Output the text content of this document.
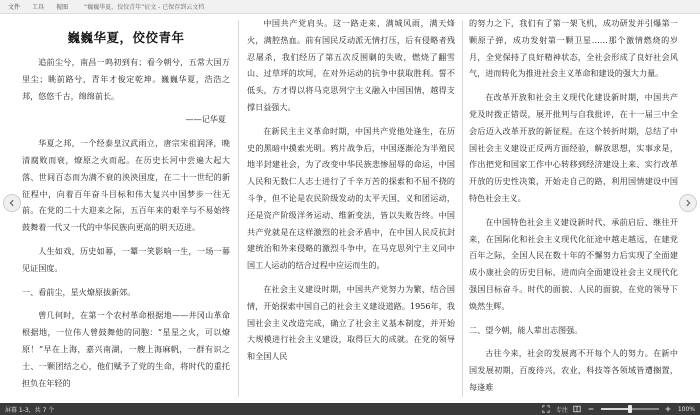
文件	工具	视图	“巍巍华夏，佼佼青年”征文 - 已保存到云文档
巍巍华夏，佼佼青年

追前尘兮，南昌一鸣初到有；看今朝兮，五常大国万里尘；眺前路兮，青年才俊定乾坤。巍巍华夏，浩浩之邦，悠悠千古，绵绵前长。

——记华夏

华夏之邦，一个经泰皇汉武雨立，唐宗宋祖润泽，晚清腐败而衰，燎原之火而起。在历史长河中尝遍大起大落、世间百态而为满不衰的泱泱国度，在二十一世纪的新征程中，向着百年奋斗目标和伟大复兴中国梦步一往无前。在党的二十大迎来之际，五百年来的艰辛与不易始终鼓舞着一代又一代的中华民族向更高的明天迈进。

人生如戏，历史如幕，一颦一笑影响一生，一场一幕见证国度。

一、看前尘，星火燎原拔新郊。

曾几何时，在第一个农村革命根据地——井冈山革命根据地，一位伟人曾鼓舞他的同胞：“星星之火，可以燎原！”早在上海，嘉兴南湖，一艘上海麻帆，一群有识之士、一颗团结之心，他们赋予了党的生命，将时代的重托担负在年轻的

中国共产党肩头。这一路走来，满城风雨，满天烽火，满腔热血。前有国民反动派无情打压，后有侵略者残忍屠杀，我们经历了第五次反围剿的失败，燃烧了翻雪山、过草坪的坎坷，在对外运动的抗争中获取胜利。誓不低头，方才得以将马克思列宁主义融入中国国情，越得支撑日益强大。

在新民主主义革命时期，中国共产党他处逢生，在历史的黑暗中摸索光明。鸦片战争后，中国逐渐沦为半殖民地半封建社会，为了改变中华民族悲惨屈辱的命运，中国人民和无数仁人志士进行了千辛万苦的探索和不屈不挠的斗争，但不论是农民阶级发动的太平天国、义和团运动，还是资产阶级洋务运动、维新变法，皆以失败告终。中国共产党就是在这样激烈的社会矛盾中，在中国人民反抗封建统治和外来侵略的激烈斗争中，在马克思列宁主义同中国工人运动的结合过程中应运而生的。

在社会主义建设时期，中国共产党努力为繁，结合国情，开始探索中国自己的社会主义建设道路。1956年，我国社会主义改造完成，确立了社会主义基本制度，并开始大规模进行社会主义建设，取得巨大的成就。在党的领导和全国人民

的努力之下，我们有了第一架飞机，成功研发并引爆第一颗原子弹，成功发射第一颗卫星……那个激情燃烧的岁月，全党保持了良好精神状态，全社会形成了良好社会风气，进而转化为推进社会主义革命和建设的强大力量。

在改革开放和社会主义现代化建设新时期，中国共产党及时拨正错误，展开批判与自我批评，在十一届三中全会后迈入改革开放的新征程。在这个转折时期，总结了中国社会主义建设正反两方面经验，解放思想，实事求是，作出把党和国家工作中心转移到经济建设上来、实行改革开放的历史性决策，开始走自己的路，利用国情建设中国特色社会主义。

在中国特色社会主义建设新时代，承前启后、继往开来，在国际化和社会主义现代化征途中越走越远，在建党百年之际，全国人民在数十年的不懈努力后实现了全面建成小康社会的历史目标，进而向全面建设社会主义现代化强国目标奋斗。时代的面貌、人民的面貌，在党的领导下焕然生辉。

二、望今朝，能人辈出志图强。

古往今来，社会的发展离不开每个人的努力。在新中国发展初期，百废待兴，农业，科技等各领域皆遭搁置，每逢难

屏幕 1-3，共 7 个	专注	100%
